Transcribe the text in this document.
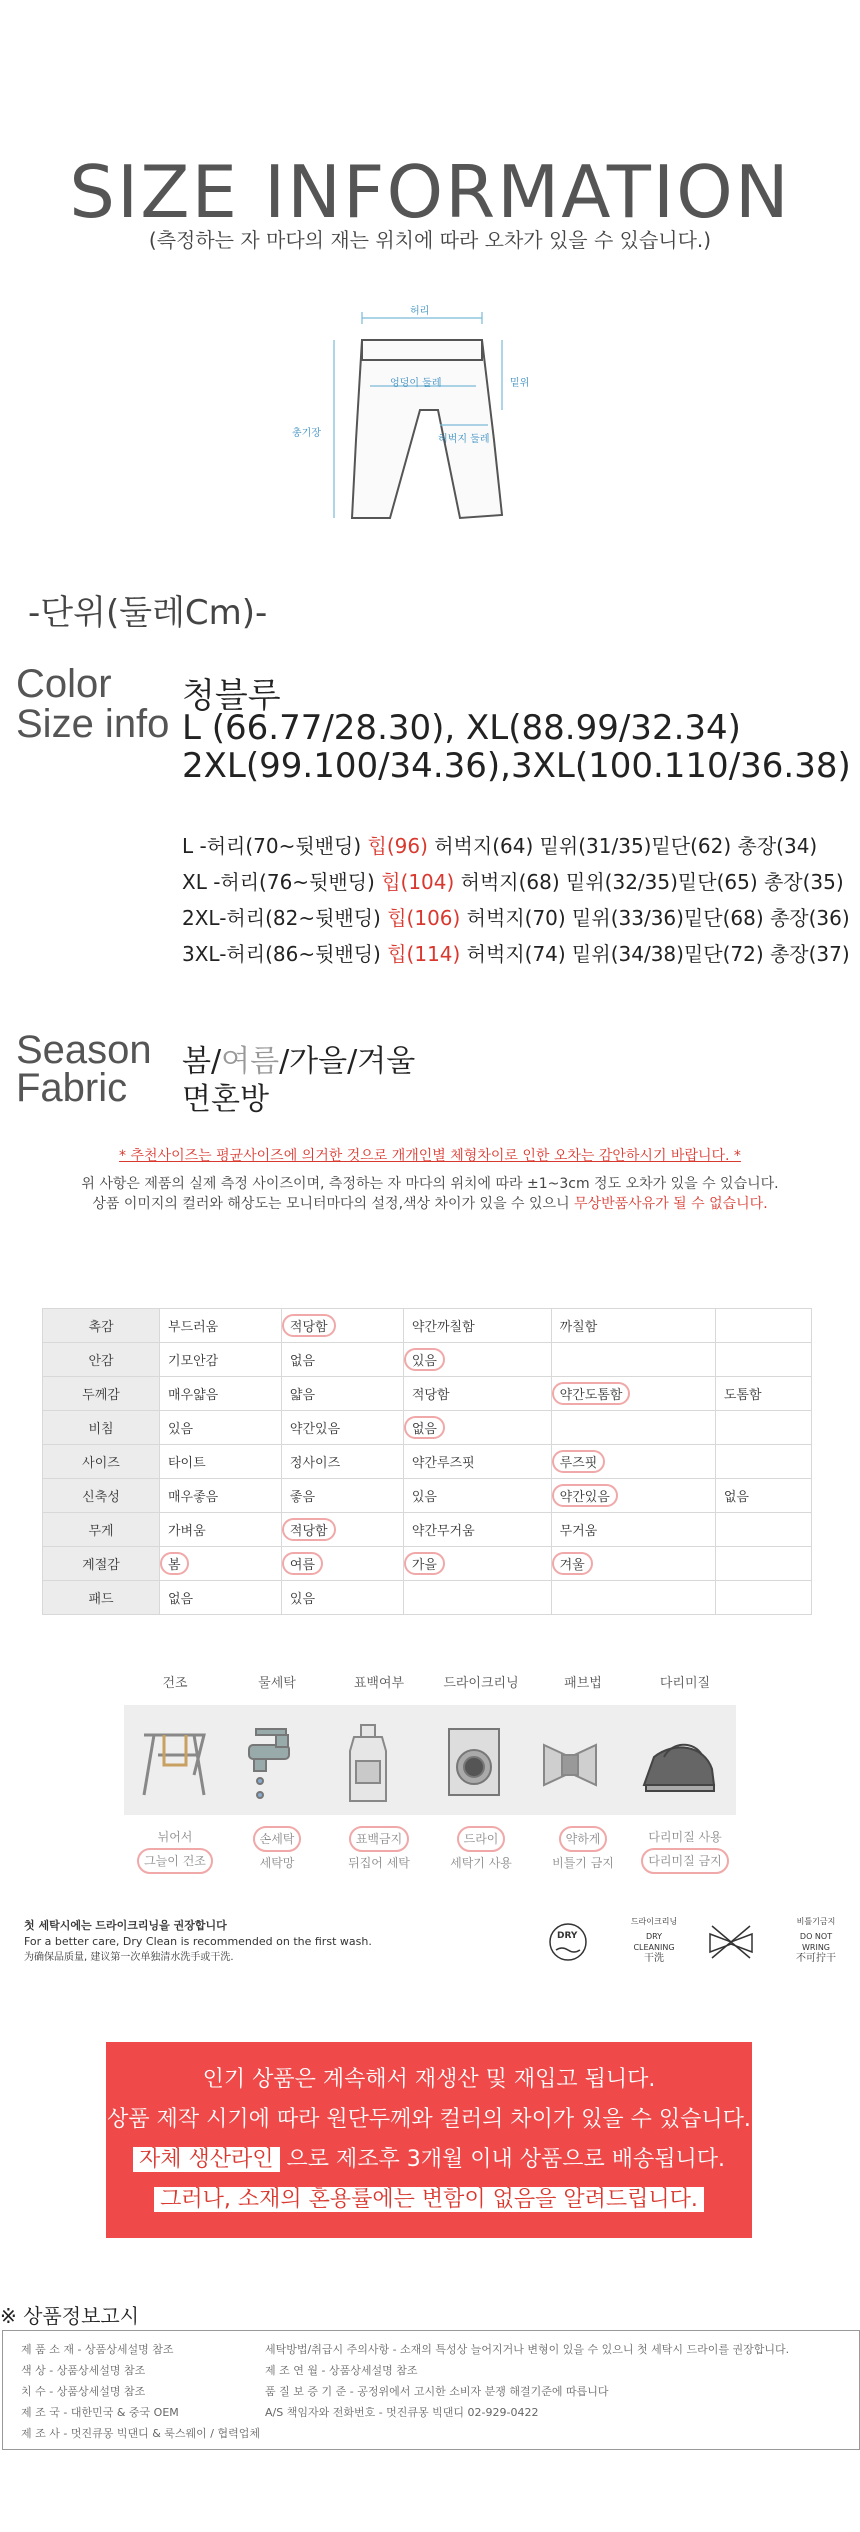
SIZE INFORMATION
(측정하는 자 마다의 재는 위치에 따라 오차가 있을 수 있습니다.)
허리
엉덩이 둘레	밑위
총기장
허벅지 둘레
-단위(둘레Cm)-
Color 청블루
Size info L (66.77/28.30), XL(88.99/32.34)
2XL(99.100/34.36),3XL(100.110/36.38)
L -허리(70~뒷밴딩) 힙(96) 허벅지(64) 밑위(31/35)밑단(62) 총장(34)
XL -허리(76~뒷밴딩) 힙(104) 허벅지(68) 밑위(32/35)밑단(65) 총장(35)
2XL-허리(82~뒷밴딩) 힙(106) 허벅지(70) 밑위(33/36)밑단(68) 총장(36)
3XL-허리(86~뒷밴딩) 힙(114) 허벅지(74) 밑위(34/38)밑단(72) 총장(37)
Season
Fabric
봄/여름/가을/겨울
면혼방
* 추천사이즈는 평균사이즈에 의거한 것으로 개개인별 체형차이로 인한 오차는 감안하시기 바랍니다. *
위 사항은 제품의 실제 측정 사이즈이며, 측정하는 자 마다의 위치에 따라 ±1~3cm 정도 오차가 있을 수 있습니다.
상품 이미지의 컬러와 해상도는 모니터마다의 설정,색상 차이가 있을 수 있으니 무상반품사유가 될 수 없습니다.
촉감	부드러움	적당함	약간까칠함	까칠함	
안감	기모안감	없음	있음		
두께감	매우얇음	얇음	적당함	약간도톰함	도톰함
비침	있음	약간있음	없음		
사이즈	타이트	정사이즈	약간루즈핏	루즈핏	
신축성	매우좋음	좋음	있음	약간있음	없음
무게	가벼움	적당함	약간무거움	무거움	
계절감	봄	여름	가을	겨울	
패드	없음	있음			
건조	물세탁	표백여부	드라이크리닝	패브법	다리미질
뉘어서
그늘이 건조
손세탁
세탁망
표백금지
뒤집어 세탁
드라이
세탁기 사용
약하게
비틀기 금지
다리미질 사용
다리미질 금지
첫 세탁시에는 드라이크리닝을 권장합니다
For a better care, Dry Clean is recommended on the first wash.
为确保品质量, 建议第一次单独清水洗手或干洗.
DRY
드라이크리닝
DRY
CLEANING
干洗
비틀기금지
DO NOT
WRING
不可拧干
인기 상품은 계속해서 재생산 및 재입고 됩니다.
상품 제작 시기에 따라 원단두께와 컬러의 차이가 있을 수 있습니다.
자체 생산라인 으로 제조후 3개월 이내 상품으로 배송됩니다.
그러나, 소재의 혼용률에는 변함이 없음을 알려드립니다.
※ 상품정보고시
제 품 소 재 - 상품상세설명 참조	세탁방법/취급시 주의사항 - 소재의 특성상 늘어지거나 변형이 있을 수 있으니 첫 세탁시 드라이를 권장합니다.
색 상 - 상품상세설명 참조	제 조 연 월 - 상품상세설명 참조
치 수 - 상품상세설명 참조	품 질 보 증 기 준 - 공정위에서 고시한 소비자 분쟁 해결기준에 따릅니다
제 조 국 - 대한민국 & 중국 OEM	A/S 책임자와 전화번호 - 멋진큐몽 빅댄디 02-929-0422
제 조 사 - 멋진큐몽 빅댄디 & 룩스웨이 / 협력업체
